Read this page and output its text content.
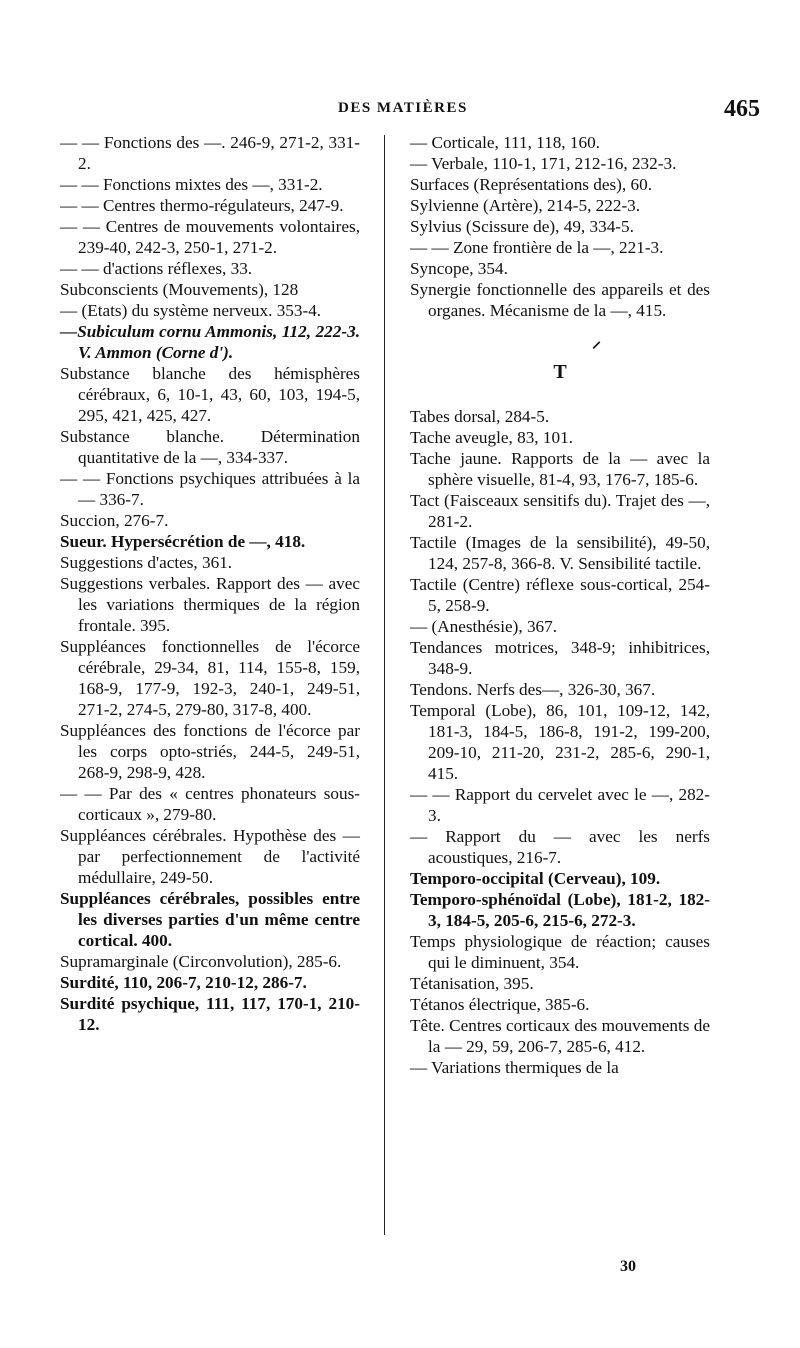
DES MATIÈRES	465

— — Fonctions des —. 246-9, 271-2, 331-2.

— — Fonctions mixtes des —, 331-2.

— — Centres thermo-régulateurs, 247-9.

— — Centres de mouvements volontaires, 239-40, 242-3, 250-1, 271-2.

— — d'actions réflexes, 33.

Subconscients (Mouvements), 128

— (Etats) du système nerveux. 353-4.

—Subiculum cornu Ammonis, 112, 222-3. V. Ammon (Corne d').

Substance blanche des hémisphères cérébraux, 6, 10-1, 43, 60, 103, 194-5, 295, 421, 425, 427.

Substance blanche. Détermination quantitative de la —, 334-337.

— — Fonctions psychiques attribuées à la — 336-7.

Succion, 276-7.

Sueur. Hypersécrétion de —, 418.

Suggestions d'actes, 361.

Suggestions verbales. Rapport des — avec les variations thermiques de la région frontale. 395.

Suppléances fonctionnelles de l'écorce cérébrale, 29-34, 81, 114, 155-8, 159, 168-9, 177-9, 192-3, 240-1, 249-51, 271-2, 274-5, 279-80, 317-8, 400.

Suppléances des fonctions de l'écorce par les corps opto-striés, 244-5, 249-51, 268-9, 298-9, 428.

— — Par des « centres phonateurs sous-corticaux », 279-80.

Suppléances cérébrales. Hypothèse des — par perfectionnement de l'activité médullaire, 249-50.

Suppléances cérébrales, possibles entre les diverses parties d'un même centre cortical. 400.

Supramarginale (Circonvolution), 285-6.

Surdité, 110, 206-7, 210-12, 286-7.

Surdité psychique, 111, 117, 170-1, 210-12.

— Corticale, 111, 118, 160.

— Verbale, 110-1, 171, 212-16, 232-3.

Surfaces (Représentations des), 60.

Sylvienne (Artère), 214-5, 222-3.

Sylvius (Scissure de), 49, 334-5.

— — Zone frontière de la —, 221-3.

Syncope, 354.

Synergie fonctionnelle des appareils et des organes. Mécanisme de la —, 415.

⸝
T

Tabes dorsal, 284-5.

Tache aveugle, 83, 101.

Tache jaune. Rapports de la — avec la sphère visuelle, 81-4, 93, 176-7, 185-6.

Tact (Faisceaux sensitifs du). Trajet des —, 281-2.

Tactile (Images de la sensibilité), 49-50, 124, 257-8, 366-8. V. Sensibilité tactile.

Tactile (Centre) réflexe sous-cortical, 254-5, 258-9.

— (Anesthésie), 367.

Tendances motrices, 348-9; inhibitrices, 348-9.

Tendons. Nerfs des—, 326-30, 367.

Temporal (Lobe), 86, 101, 109-12, 142, 181-3, 184-5, 186-8, 191-2, 199-200, 209-10, 211-20, 231-2, 285-6, 290-1, 415.

— — Rapport du cervelet avec le —, 282-3.

— Rapport du — avec les nerfs acoustiques, 216-7.

Temporo-occipital (Cerveau), 109.

Temporo-sphénoïdal (Lobe), 181-2, 182-3, 184-5, 205-6, 215-6, 272-3.

Temps physiologique de réaction; causes qui le diminuent, 354.

Tétanisation, 395.

Tétanos électrique, 385-6.

Tête. Centres corticaux des mouvements de la — 29, 59, 206-7, 285-6, 412.

— Variations thermiques de la

30
